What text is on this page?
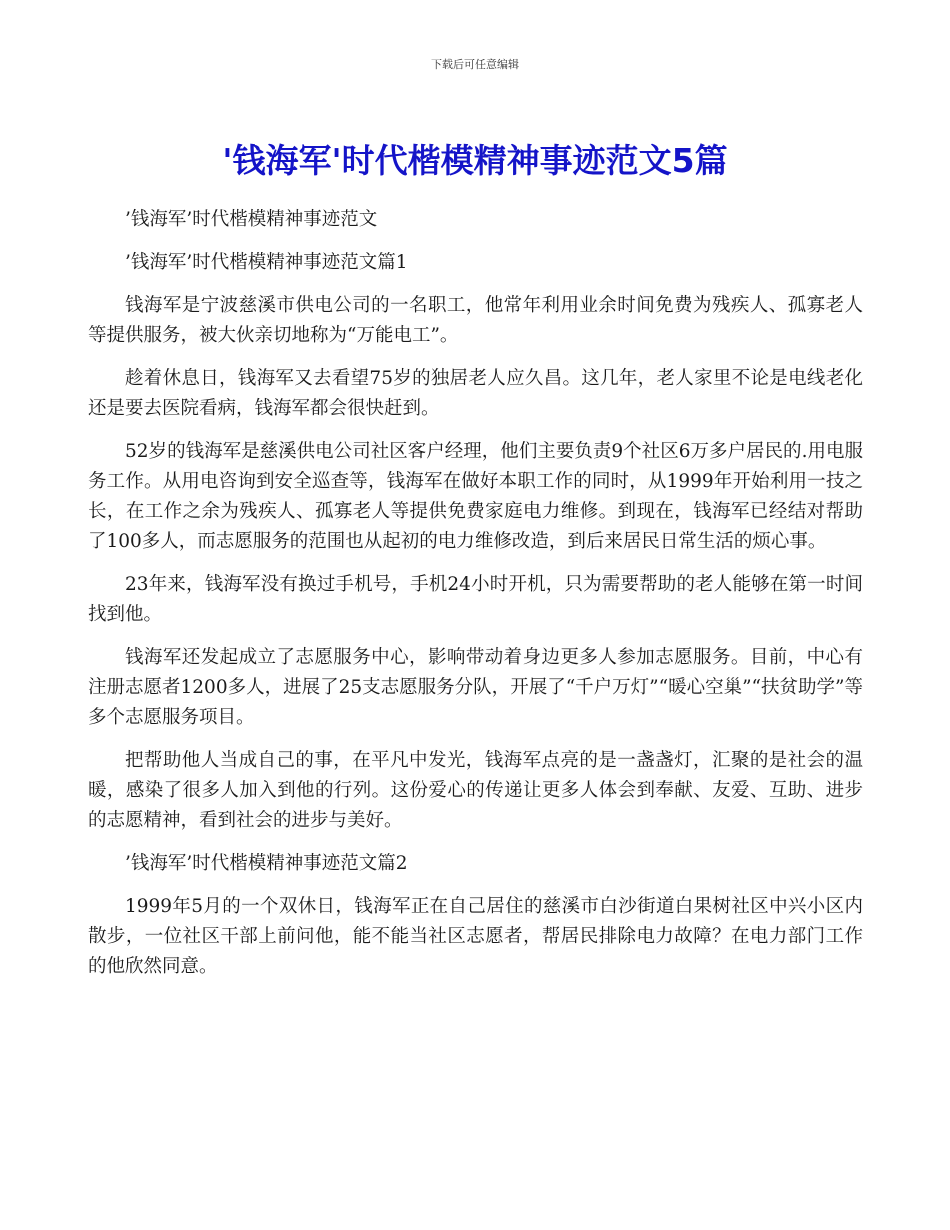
下载后可任意编辑
'钱海军'时代楷模精神事迹范文5篇

’钱海军’时代楷模精神事迹范文

’钱海军’时代楷模精神事迹范文篇1

钱海军是宁波慈溪市供电公司的一名职工，他常年利用业余时间免费为残疾人、孤寡老人等提供服务，被大伙亲切地称为“万能电工”。

趁着休息日，钱海军又去看望75岁的独居老人应久昌。这几年，老人家里不论是电线老化还是要去医院看病，钱海军都会很快赶到。

52岁的钱海军是慈溪供电公司社区客户经理，他们主要负责9个社区6万多户居民的.用电服务工作。从用电咨询到安全巡查等，钱海军在做好本职工作的同时，从1999年开始利用一技之长，在工作之余为残疾人、孤寡老人等提供免费家庭电力维修。到现在，钱海军已经结对帮助了100多人，而志愿服务的范围也从起初的电力维修改造，到后来居民日常生活的烦心事。

23年来，钱海军没有换过手机号，手机24小时开机，只为需要帮助的老人能够在第一时间找到他。

钱海军还发起成立了志愿服务中心，影响带动着身边更多人参加志愿服务。目前，中心有注册志愿者1200多人，进展了25支志愿服务分队，开展了“千户万灯”“暖心空巢”“扶贫助学”等多个志愿服务项目。

把帮助他人当成自己的事，在平凡中发光，钱海军点亮的是一盏盏灯，汇聚的是社会的温暖，感染了很多人加入到他的行列。这份爱心的传递让更多人体会到奉献、友爱、互助、进步的志愿精神，看到社会的进步与美好。

’钱海军’时代楷模精神事迹范文篇2

1999年5月的一个双休日，钱海军正在自己居住的慈溪市白沙街道白果树社区中兴小区内散步，一位社区干部上前问他，能不能当社区志愿者，帮居民排除电力故障？在电力部门工作的他欣然同意。
